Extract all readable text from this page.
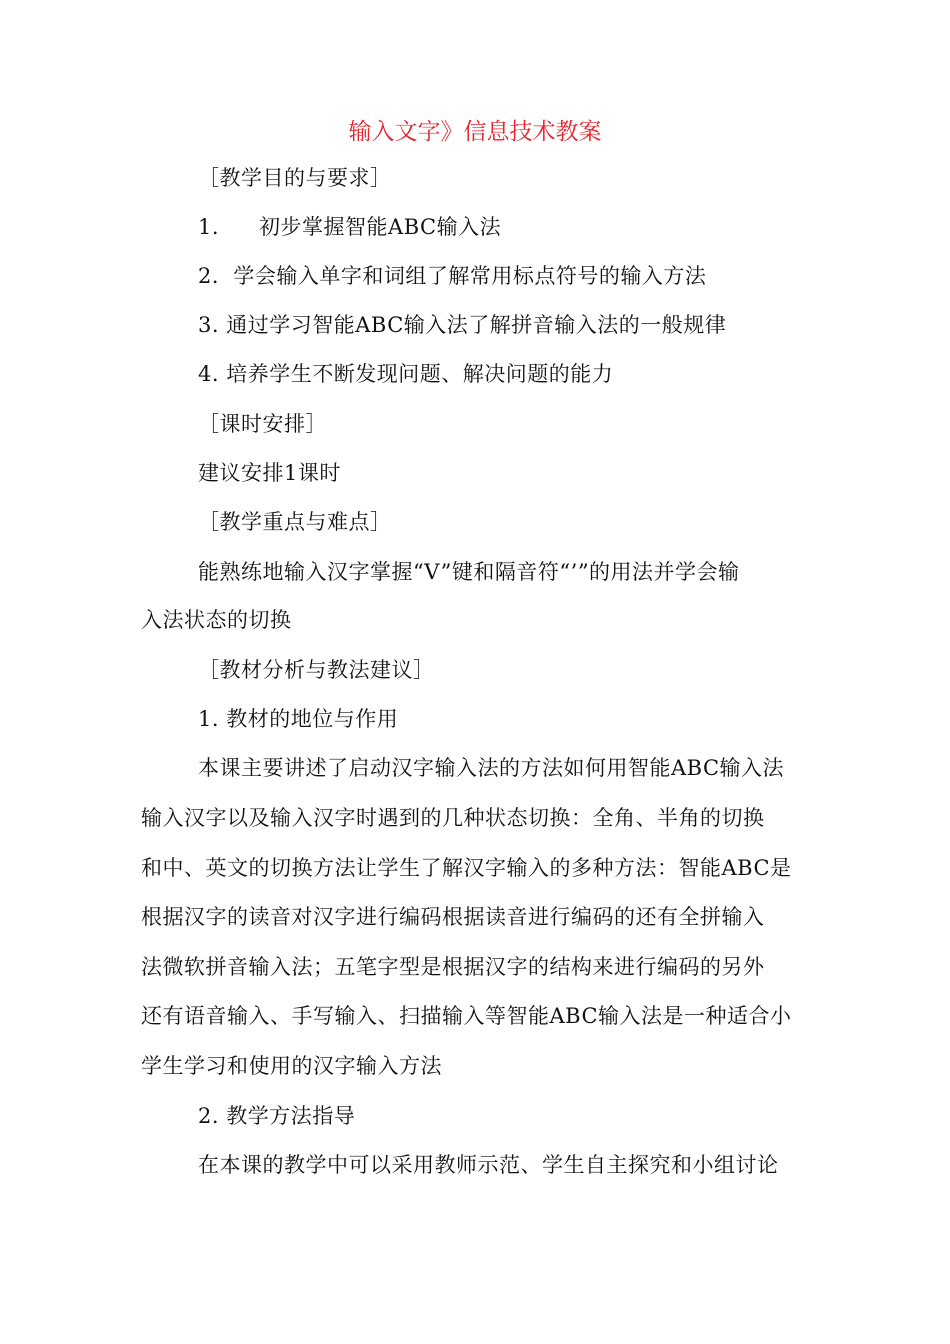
输入文字》信息技术教案
［教学目的与要求］
1. 初步掌握智能ABC输入法
2．学会输入单字和词组了解常用标点符号的输入方法
3. 通过学习智能ABC输入法了解拼音输入法的一般规律
4. 培养学生不断发现问题、解决问题的能力
［课时安排］
建议安排1课时
［教学重点与难点］
能熟练地输入汉字掌握“V”键和隔音符“’”的用法并学会输
入法状态的切换
［教材分析与教法建议］
1. 教材的地位与作用
本课主要讲述了启动汉字输入法的方法如何用智能ABC输入法
输入汉字以及输入汉字时遇到的几种状态切换：全角、半角的切换
和中、英文的切换方法让学生了解汉字输入的多种方法：智能ABC是
根据汉字的读音对汉字进行编码根据读音进行编码的还有全拼输入
法微软拼音输入法；五笔字型是根据汉字的结构来进行编码的另外
还有语音输入、手写输入、扫描输入等智能ABC输入法是一种适合小
学生学习和使用的汉字输入方法
2. 教学方法指导
在本课的教学中可以采用教师示范、学生自主探究和小组讨论
